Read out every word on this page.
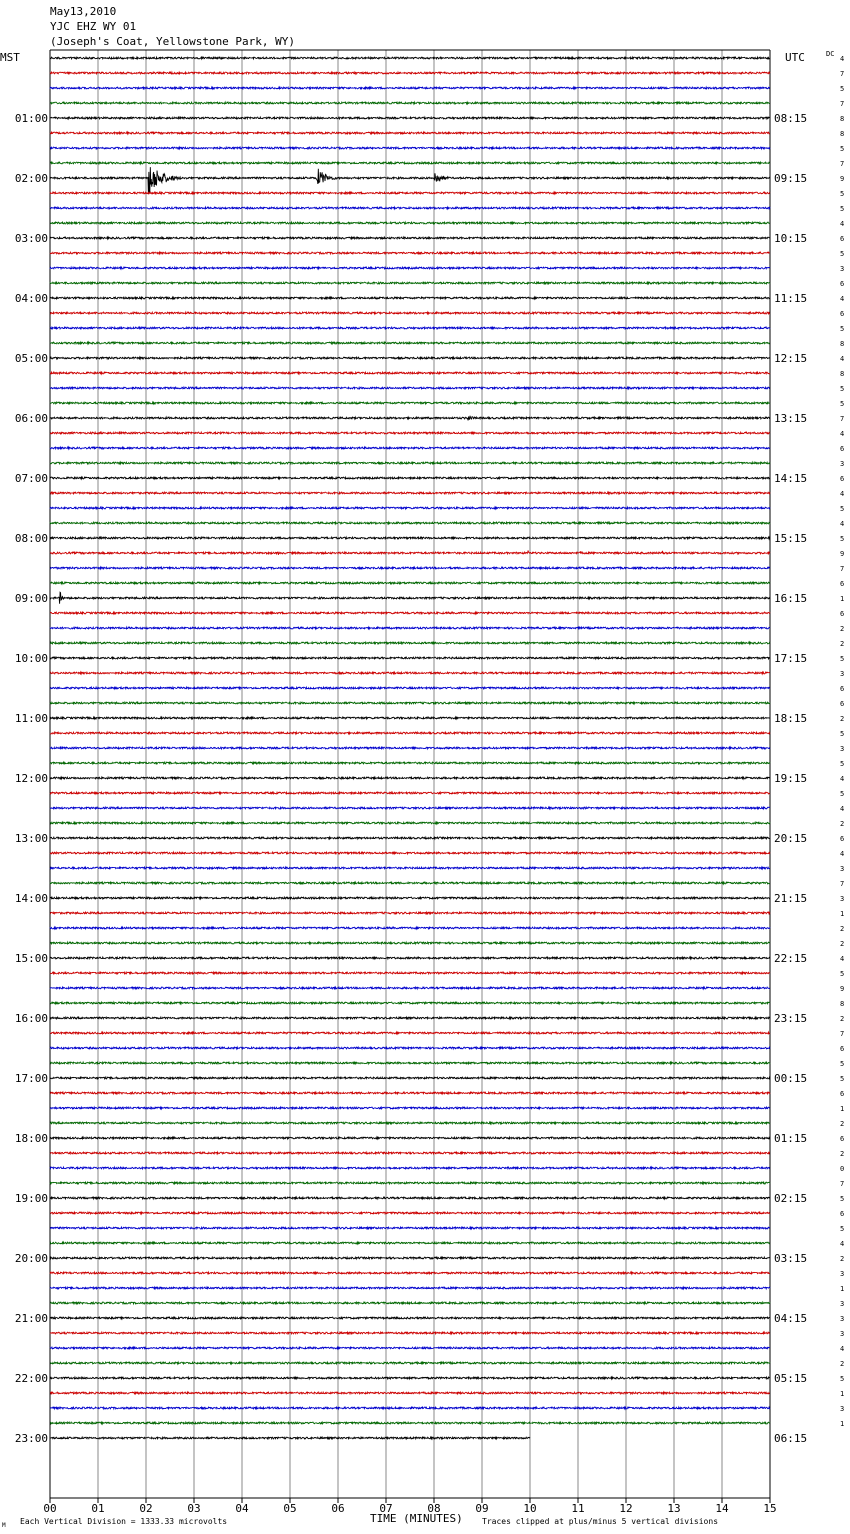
May13,2010
YJC EHZ WY 01
(Joseph's Coat, Yellowstone Park, WY)
MST	UTC	DC
01:00
02:00
03:00
04:00
05:00
06:00
07:00
08:00
09:00
10:00
11:00
12:00
13:00
14:00
15:00
16:00
17:00
18:00
19:00
20:00
21:00
22:00
23:00
08:15
09:15
10:15
11:15
12:15
13:15
14:15
15:15
16:15
17:15
18:15
19:15
20:15
21:15
22:15
23:15
00:15
01:15
02:15
03:15
04:15
05:15
06:15
4
7
5
7
8
8
5
7
9
5
5
4
6
5
3
6
4
6
5
8
4
8
5
5
7
4
6
3
6
4
5
4
5
9
7
6
1
6
2
2
5
3
6
6
2
5
3
5
4
5
4
2
6
4
3
7
3
1
2
2
4
5
9
8
2
7
6
5
5
6
1
2
6
2
0
7
5
6
5
4
2
3
1
3
3
3
4
2
5
1
3
1
00	01	02	03	04	05	06	07	08	09	10	11	12	13	14	15
TIME (MINUTES)
Each Vertical Division = 1333.33 microvolts	Traces clipped at plus/minus 5 vertical divisions
M
